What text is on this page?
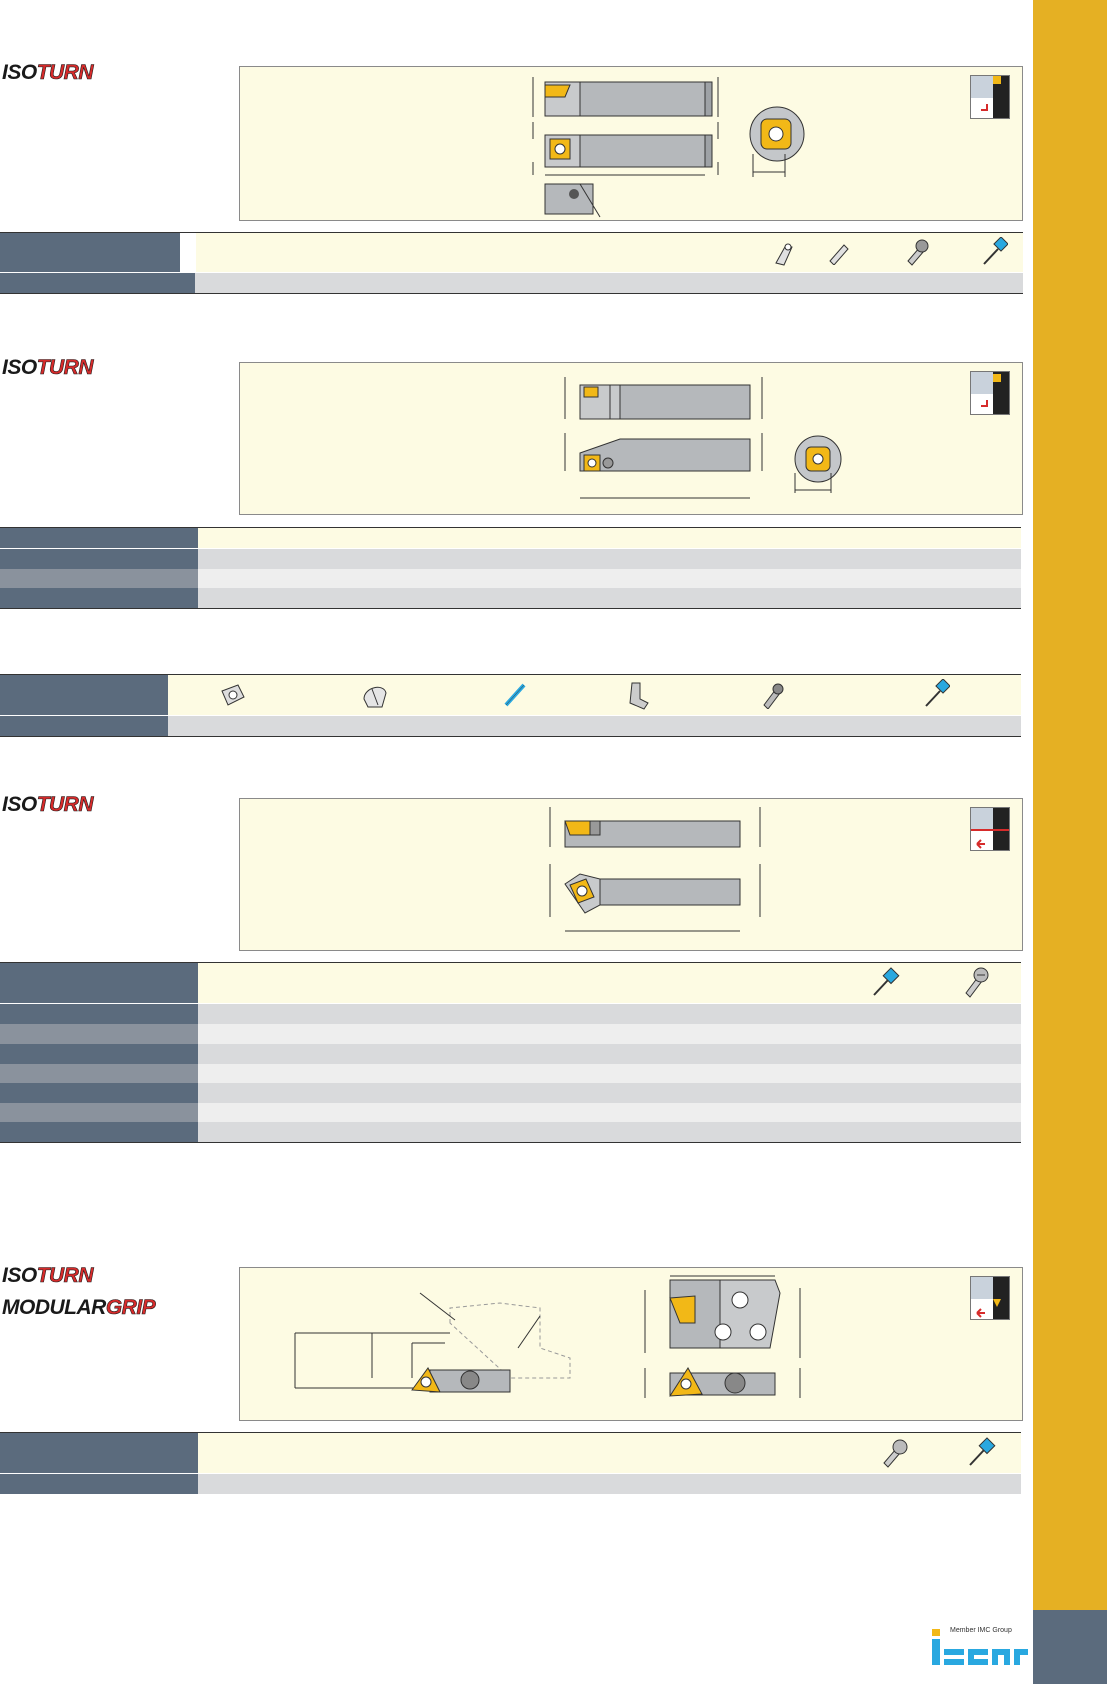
ISOTURN
ISOTURN
ISOTURN
ISOTURN
MODULARGRIP
Member IMC Group
